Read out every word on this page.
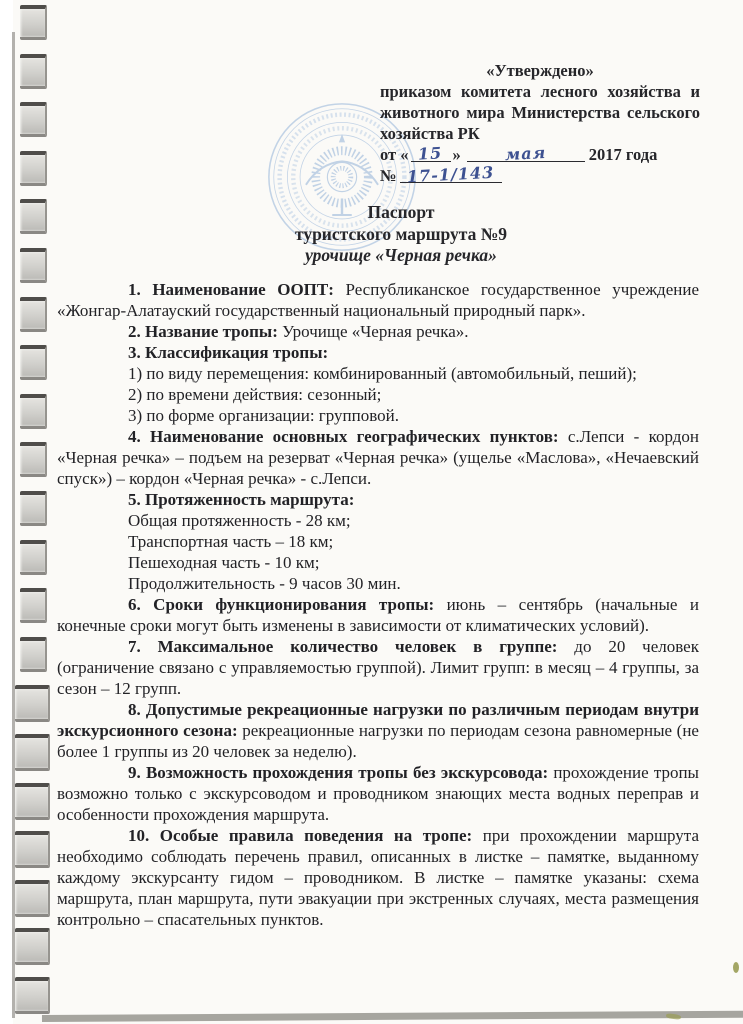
«Утверждено»
приказом комитета лесного хозяйства и
животного мира Министерства сельского
хозяйства РК
от « 15 »	мая	2017 года
№ 17-1/143
Паспорт
туристского маршрута №9
урочище «Черная речка»

1. Наименование ООПТ: Республиканское государственное учреждение «Жонгар-Алатауский государственный национальный природный парк».

2. Название тропы: Урочище «Черная речка».

3. Классификация тропы:

1) по виду перемещения: комбинированный (автомобильный, пеший);

2) по времени действия: сезонный;

3) по форме организации: групповой.

4. Наименование основных географических пунктов: с.Лепси - кордон «Черная речка» – подъем на резерват «Черная речка» (ущелье «Маслова», «Нечаевский спуск») – кордон «Черная речка» - с.Лепси.

5. Протяженность маршрута:

Общая протяженность - 28 км;

Транспортная часть – 18 км;

Пешеходная часть - 10 км;

Продолжительность - 9 часов 30 мин.

6. Сроки функционирования тропы: июнь – сентябрь (начальные и конечные сроки могут быть изменены в зависимости от климатических условий).

7. Максимальное количество человек в группе: до 20 человек (ограничение связано с управляемостью группой). Лимит групп: в месяц – 4 группы, за сезон – 12 групп.

8. Допустимые рекреационные нагрузки по различным периодам внутри экскурсионного сезона: рекреационные нагрузки по периодам сезона равномерные (не более 1 группы из 20 человек за неделю).

9. Возможность прохождения тропы без экскурсовода: прохождение тропы возможно только с экскурсоводом и проводником знающих места водных переправ и особенности прохождения маршрута.

10. Особые правила поведения на тропе: при прохождении маршрута необходимо соблюдать перечень правил, описанных в листке – памятке, выданному каждому экскурсанту гидом – проводником. В листке – памятке указаны: схема маршрута, план маршрута, пути эвакуации при экстренных случаях, места размещения контрольно – спасательных пунктов.
